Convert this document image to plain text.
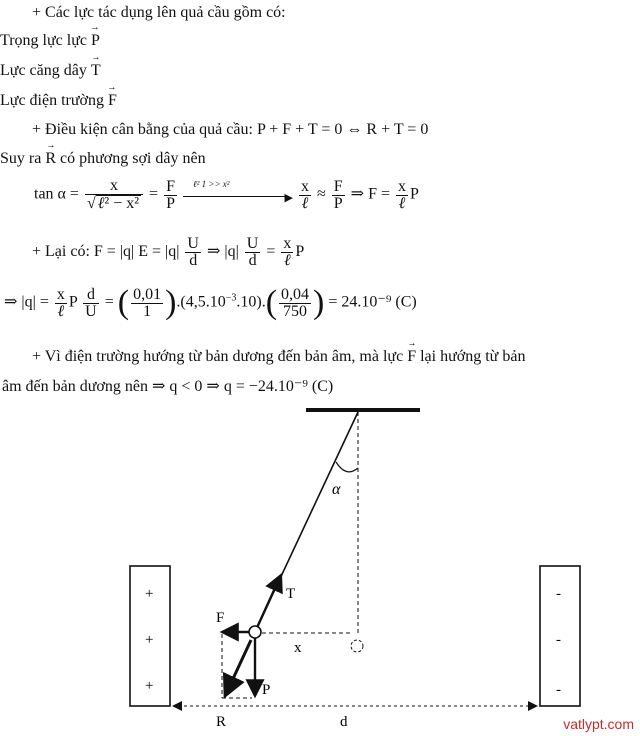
+ Các lực tác dụng lên quả cầu gồm có:
Trọng lực lực → P
Lực căng dây → T
Lực điện trường → F
+ Điều kiện cân bằng của quả cầu: P + F + T = 0 ⇔ R + T = 0
Suy ra → R có phương sợi dây nên
$\tan \alpha = \frac{x}{\text{√ ℓ² − x²}} = \frac{F}{P}$
ℓ² 1 >> x²
▶
$\frac{x}{\text{ℓ}} \approx \frac{F}{P}$ ⇒ $F = \frac{x}{\text{ℓ}}$ P
+ Lại có: F = |q| $E = |q| \frac{U}{d}$ ⇒ $|q| \frac{U}{d} = \frac{x}{\text{ℓ}}$ P
⇒ $|q| = \frac{x}{\text{ℓ}}$ P $\frac{d}{U}$ = ( $\frac{0,01}{1} ).(4,5.10^{-3}.10).( \frac{0,04}{750}$ ) = 24.10⁻⁹ (C)
+ Vì điện trường hướng từ bản dương đến bản âm, mà lực → F lại hướng từ bản
âm đến bản dương nên ⇒ q < 0 ⇒ q = −24.10⁻⁹ (C)
α
T
F
P
R
x
d
+
+
+
-
-
-
vatlypt.com
